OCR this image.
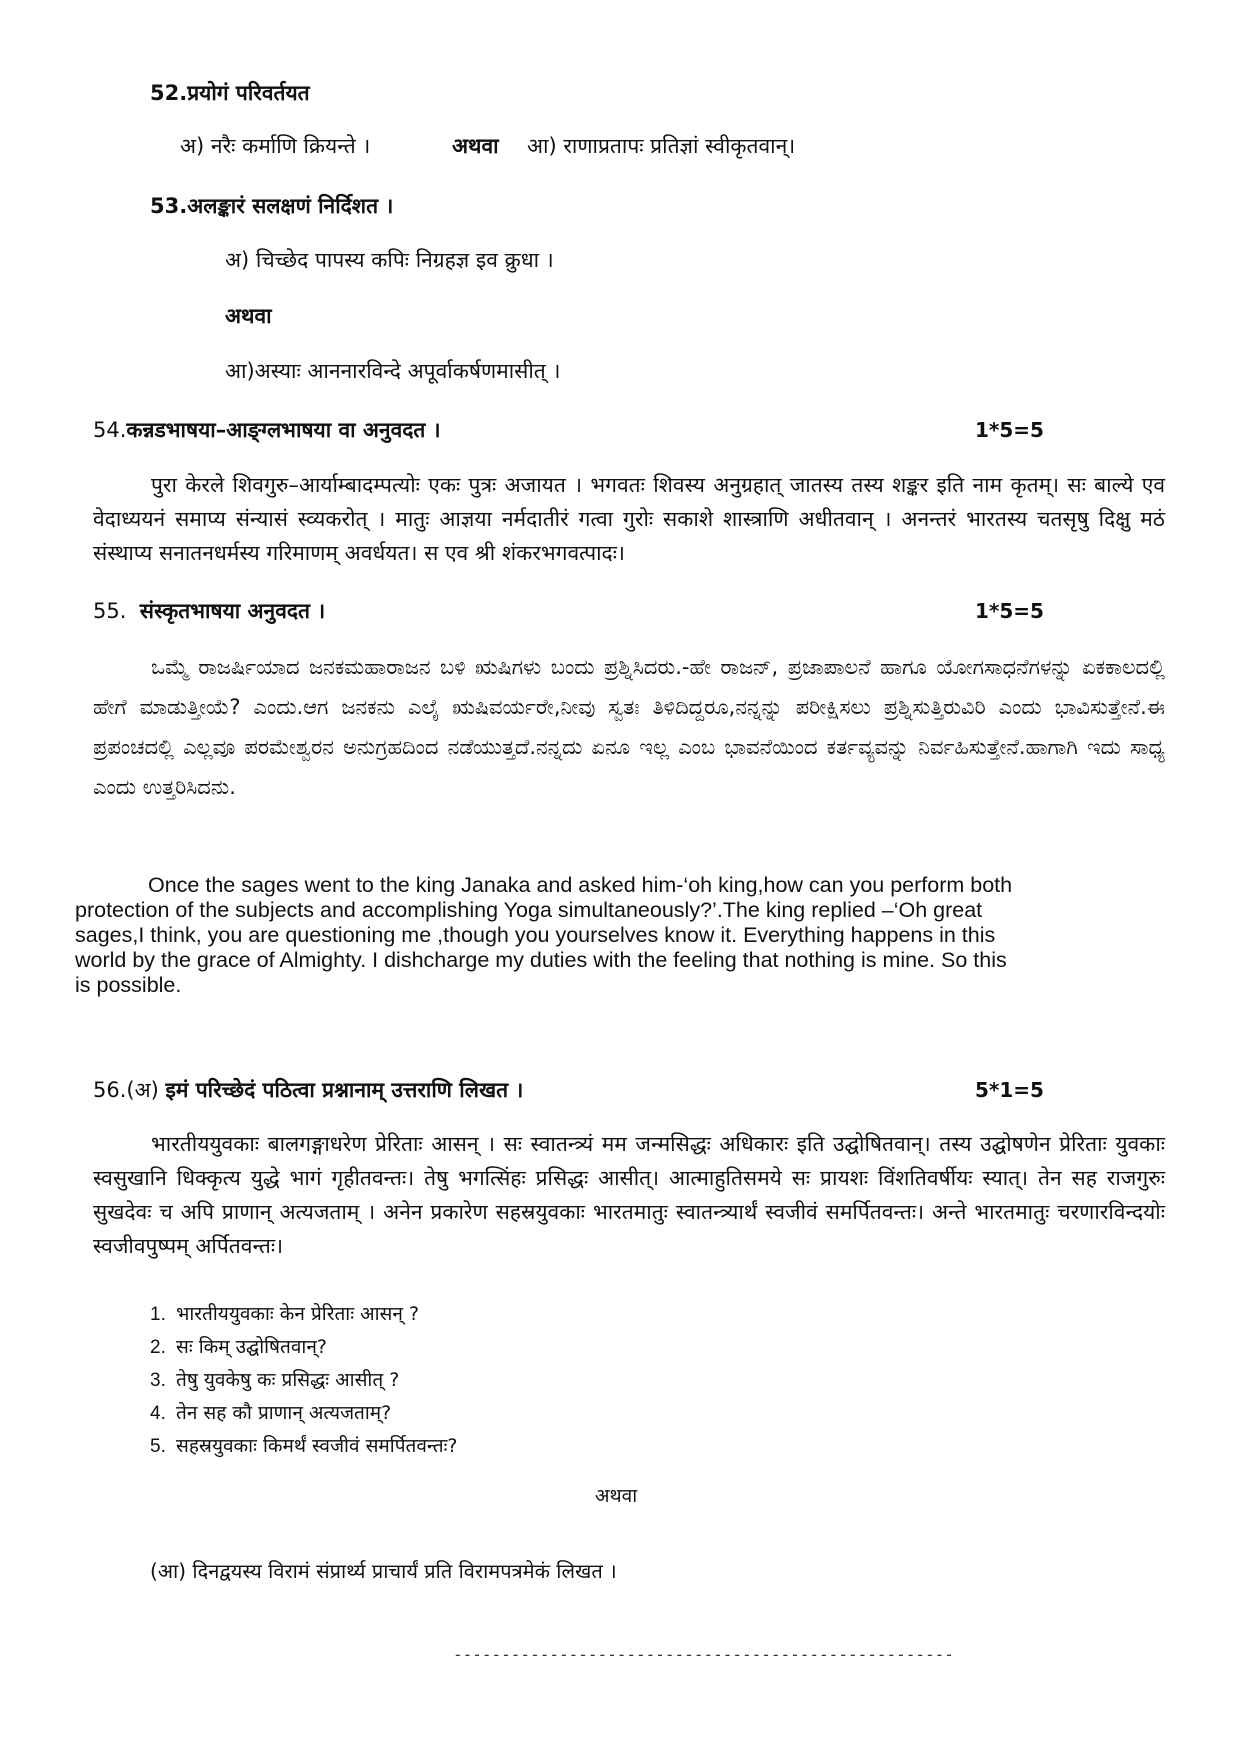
52.प्रयोगं परिवर्तयत
अ) नरैः कर्माणि क्रियन्ते ।	अथवा आ) राणाप्रतापः प्रतिज्ञां स्वीकृतवान्।
53.अलङ्कारं सलक्षणं निर्दिशत ।
अ) चिच्छेद पापस्य कपिः निग्रहज्ञ इव क्रुधा ।
अथवा
आ)अस्याः आननारविन्दे अपूर्वाकर्षणमासीत् ।
54.कन्नडभाषया–आङ्ग्लभाषया वा अनुवदत ।	1*5=5
पुरा केरले शिवगुरु–आर्याम्बादम्पत्योः एकः पुत्रः अजायत । भगवतः शिवस्य अनुग्रहात् जातस्य तस्य शङ्कर इति नाम कृतम्। सः बाल्ये एव वेदाध्ययनं समाप्य संन्यासं स्व्यकरोत् । मातुः आज्ञया नर्मदातीरं गत्वा गुरोः सकाशे शास्त्राणि अधीतवान् । अनन्तरं भारतस्य चतसृषु दिक्षु मठं संस्थाप्य सनातनधर्मस्य गरिमाणम् अवर्धयत। स एव श्री शंकरभगवत्पादः।
55. संस्कृतभाषया अनुवदत ।	1*5=5
ಒಮ್ಮೆ ರಾಜರ್ಷಿಯಾದ ಜನಕಮಹಾರಾಜನ ಬಳಿ ಋಷಿಗಳು ಬಂದು ಪ್ರಶ್ನಿಸಿದರು.-ಹೇ ರಾಜನ್, ಪ್ರಜಾಪಾಲನೆ ಹಾಗೂ ಯೋಗಸಾಧನೆಗಳನ್ನು ಏಕಕಾಲದಲ್ಲಿ ಹೇಗೆ ಮಾಡುತ್ತೀಯೆ? ಎಂದು.ಆಗ ಜನಕನು ಎಲೈ ಋಷಿವರ್ಯರೇ,ನೀವು ಸ್ವತಃ ತಿಳಿದಿದ್ದರೂ,ನನ್ನನ್ನು ಪರೀಕ್ಷಿಸಲು ಪ್ರಶ್ನಿಸುತ್ತಿರುವಿರಿ ಎಂದು ಭಾವಿಸುತ್ತೇನೆ.ಈ ಪ್ರಪಂಚದಲ್ಲಿ ಎಲ್ಲವೂ ಪರಮೇಶ್ವರನ ಅನುಗ್ರಹದಿಂದ ನಡೆಯುತ್ತದೆ.ನನ್ನದು ಏನೂ ಇಲ್ಲ ಎಂಬ ಭಾವನೆಯಿಂದ ಕರ್ತವ್ಯವನ್ನು ನಿರ್ವಹಿಸುತ್ತೇನೆ.ಹಾಗಾಗಿ ಇದು ಸಾಧ್ಯ ಎಂದು ಉತ್ತರಿಸಿದನು.
Once the sages went to the king Janaka and asked him-‘oh king,how can you perform both
protection of the subjects and accomplishing Yoga simultaneously?’.The king replied –‘Oh great
sages,I think, you are questioning me ,though you yourselves know it. Everything happens in this
world by the grace of Almighty. I dishcharge my duties with the feeling that nothing is mine. So this
is possible.
56.(अ) इमं परिच्छेदं पठित्वा प्रश्नानाम् उत्तराणि लिखत ।	5*1=5
भारतीययुवकाः बालगङ्गाधरेण प्रेरिताः आसन् । सः स्वातन्त्र्यं मम जन्मसिद्धः अधिकारः इति उद्घोषितवान्। तस्य उद्घोषणेन प्रेरिताः युवकाः स्वसुखानि धिक्कृत्य युद्धे भागं गृहीतवन्तः। तेषु भगत्सिंहः प्रसिद्धः आसीत्। आत्माहुतिसमये सः प्रायशः विंशतिवर्षीयः स्यात्। तेन सह राजगुरुः सुखदेवः च अपि प्राणान् अत्यजताम् । अनेन प्रकारेण सहस्रयुवकाः भारतमातुः स्वातन्त्र्यार्थं स्वजीवं समर्पितवन्तः। अन्ते भारतमातुः चरणारविन्दयोः स्वजीवपुष्पम् अर्पितवन्तः।
1. भारतीययुवकाः केन प्रेरिताः आसन् ?
2. सः किम् उद्घोषितवान्?
3. तेषु युवकेषु कः प्रसिद्धः आसीत् ?
4. तेन सह कौ प्राणान् अत्यजताम्?
5. सहस्रयुवकाः किमर्थं स्वजीवं समर्पितवन्तः?
अथवा
(आ) दिनद्वयस्य विरामं संप्रार्थ्य प्राचार्यं प्रति विरामपत्रमेकं लिखत ।
----------------------------------------------------
